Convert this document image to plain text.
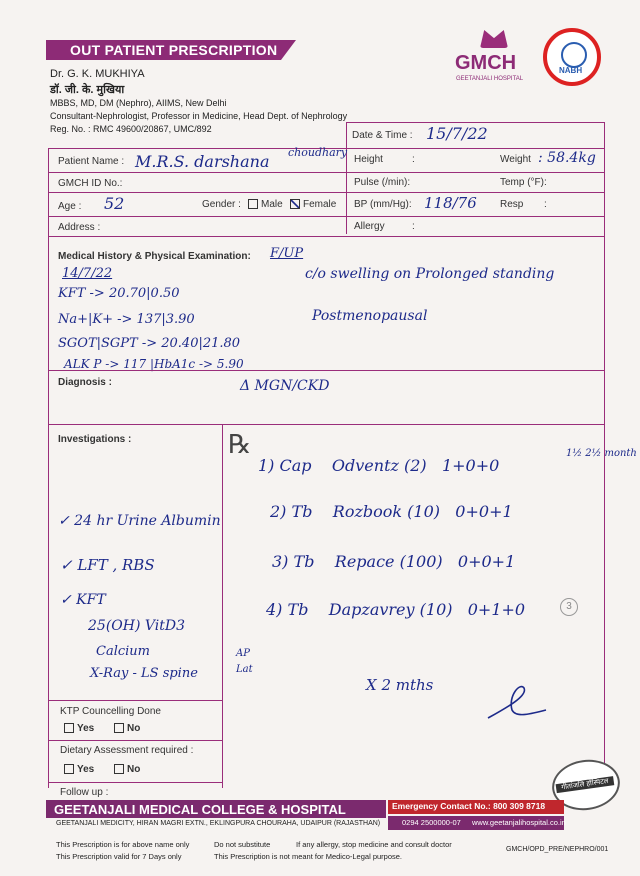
OUT PATIENT PRESCRIPTION
Dr. G. K. MUKHIYA
डॉ. जी. के. मुखिया
MBBS, MD, DM (Nephro), AIIMS, New Delhi
Consultant-Nephrologist, Professor in Medicine, Head Dept. of Nephrology
Reg. No. : RMC 49600/20867, UMC/892
GMCH
GEETANJALI HOSPITAL
NABH
Date & Time : 15/7/22
Patient Name : M.R.S. darshana choudhary
GMCH ID No.:
Age : 52	Gender :	Male	Female
Address :
Height	:	Weight : 58.4kg
Pulse (/min):	Temp (°F):
BP (mm/Hg): 118/76 Resp :
Allergy	:
Medical History & Physical Examination: F/UP
14/7/22
KFT -> 20.70|0.50
Na+|K+ -> 137|3.90
SGOT|SGPT -> 20.40|21.80
ALK P -> 117 |HbA1c -> 5.90
c/o swelling on Prolonged standing
Postmenopausal
Diagnosis :	Δ MGN/CKD
Investigations :
✓ 24 hr Urine Albumin
✓ LFT , RBS
✓ KFT
25(OH) VitD3
Calcium
X-Ray - LS spine
AP
Lat
℞
1) Cap Odventz (2) 1+0+0
1½ 2½ month
2) Tb Rozbook (10) 0+0+1
3) Tb Repace (100) 0+0+1
4) Tb Dapzavrey (10) 0+1+0	3
X 2 mths
KTP Councelling Done
Yes	No
Dietary Assessment required :
Yes	No
Follow up :
गीतांजलि हॉस्पिटल
GEETANJALI MEDICAL COLLEGE & HOSPITAL	Emergency Contact No.: 800 309 8718
GEETANJALI MEDICITY, HIRAN MAGRI EXTN., EKLINGPURA CHOURAHA, UDAIPUR (RAJASTHAN)	0294 2500000-07 www.geetanjalihospital.co.in
This Prescription is for above name only
This Prescription valid for 7 Days only
Do not substitute	If any allergy, stop medicine and consult doctor
This Prescription is not meant for Medico-Legal purpose.
GMCH/OPD_PRE/NEPHRO/001
